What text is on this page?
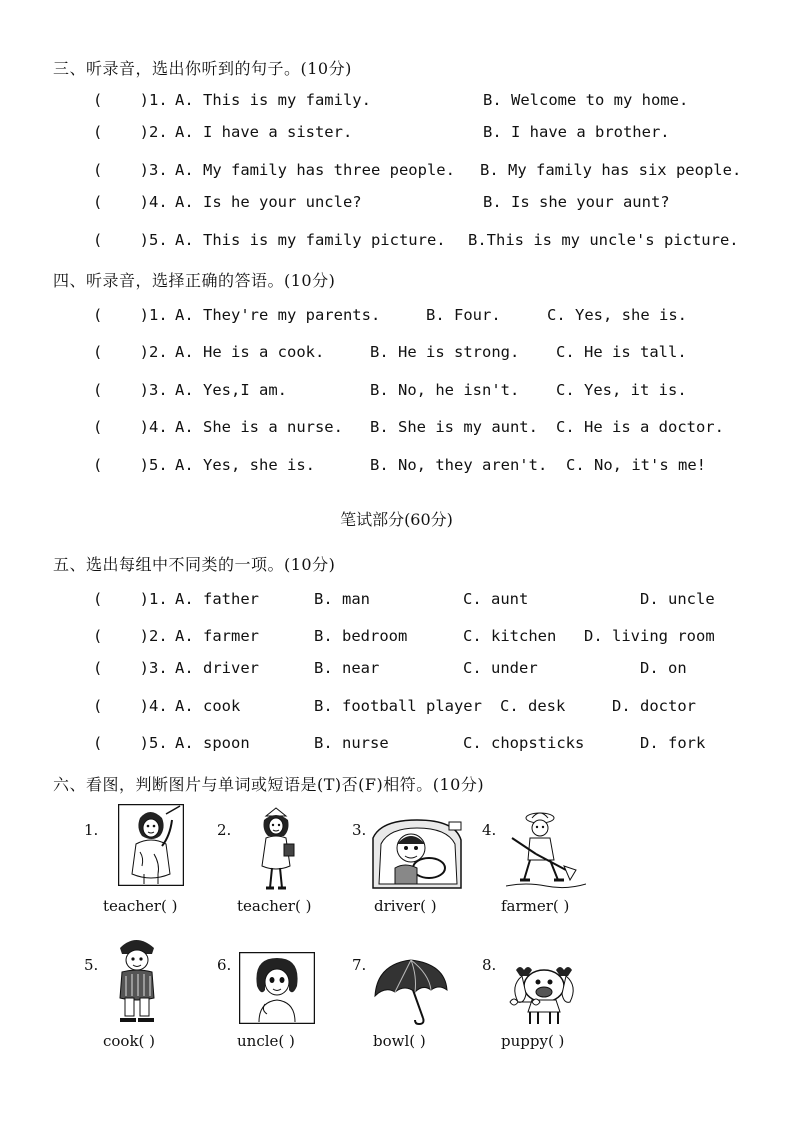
三、听录音，选出你听到的句子。(10分)

(    )1.

A. This is my family.

	B. Welcome to my home.

(    )2.

A. I have a sister.

	B. I have a brother.

(    )3.

A. My family has three people.

B. My family has six people.

(    )4.

A. Is he your uncle?

	B. Is she your aunt?

(    )5.

A. This is my family picture.

B.This is my uncle's picture.

四、听录音，选择正确的答语。(10分)

(    )1.

A. They're my parents.

	B. Four.

	C. Yes, she is.

(    )2.

A. He is a cook.

	B. He is strong.

C. He is tall.

(    )3.

A. Yes,I am.

	B. No, he isn't.

C. Yes, it is.

(    )4.

A. She is a nurse.

B. She is my aunt.

C. He is a doctor.

(    )5.

A. Yes, she is.

	B. No, they aren't.

C. No, it's me!

笔试部分(60分)
五、选出每组中不同类的一项。(10分)

(    )1.

A. father

	B. man

	C. aunt

	D. uncle

(    )2.

A. farmer

	B. bedroom

	C. kitchen

D. living room

(    )3.

A. driver

	B. near

	C. under

	D. on

(    )4.

A. cook

	B. football player

C. desk

	D. doctor

(    )5.

A. spoon

	B. nurse

	C. chopsticks

	D. fork

六、看图，判断图片与单词或短语是(T)否(F)相符。(10分)
1.
teacher( )
2.
teacher( )
3.
driver( )
4.
farmer( )
5.
cook( )
6.
uncle( )
7.
bowl( )
8.
puppy( )
